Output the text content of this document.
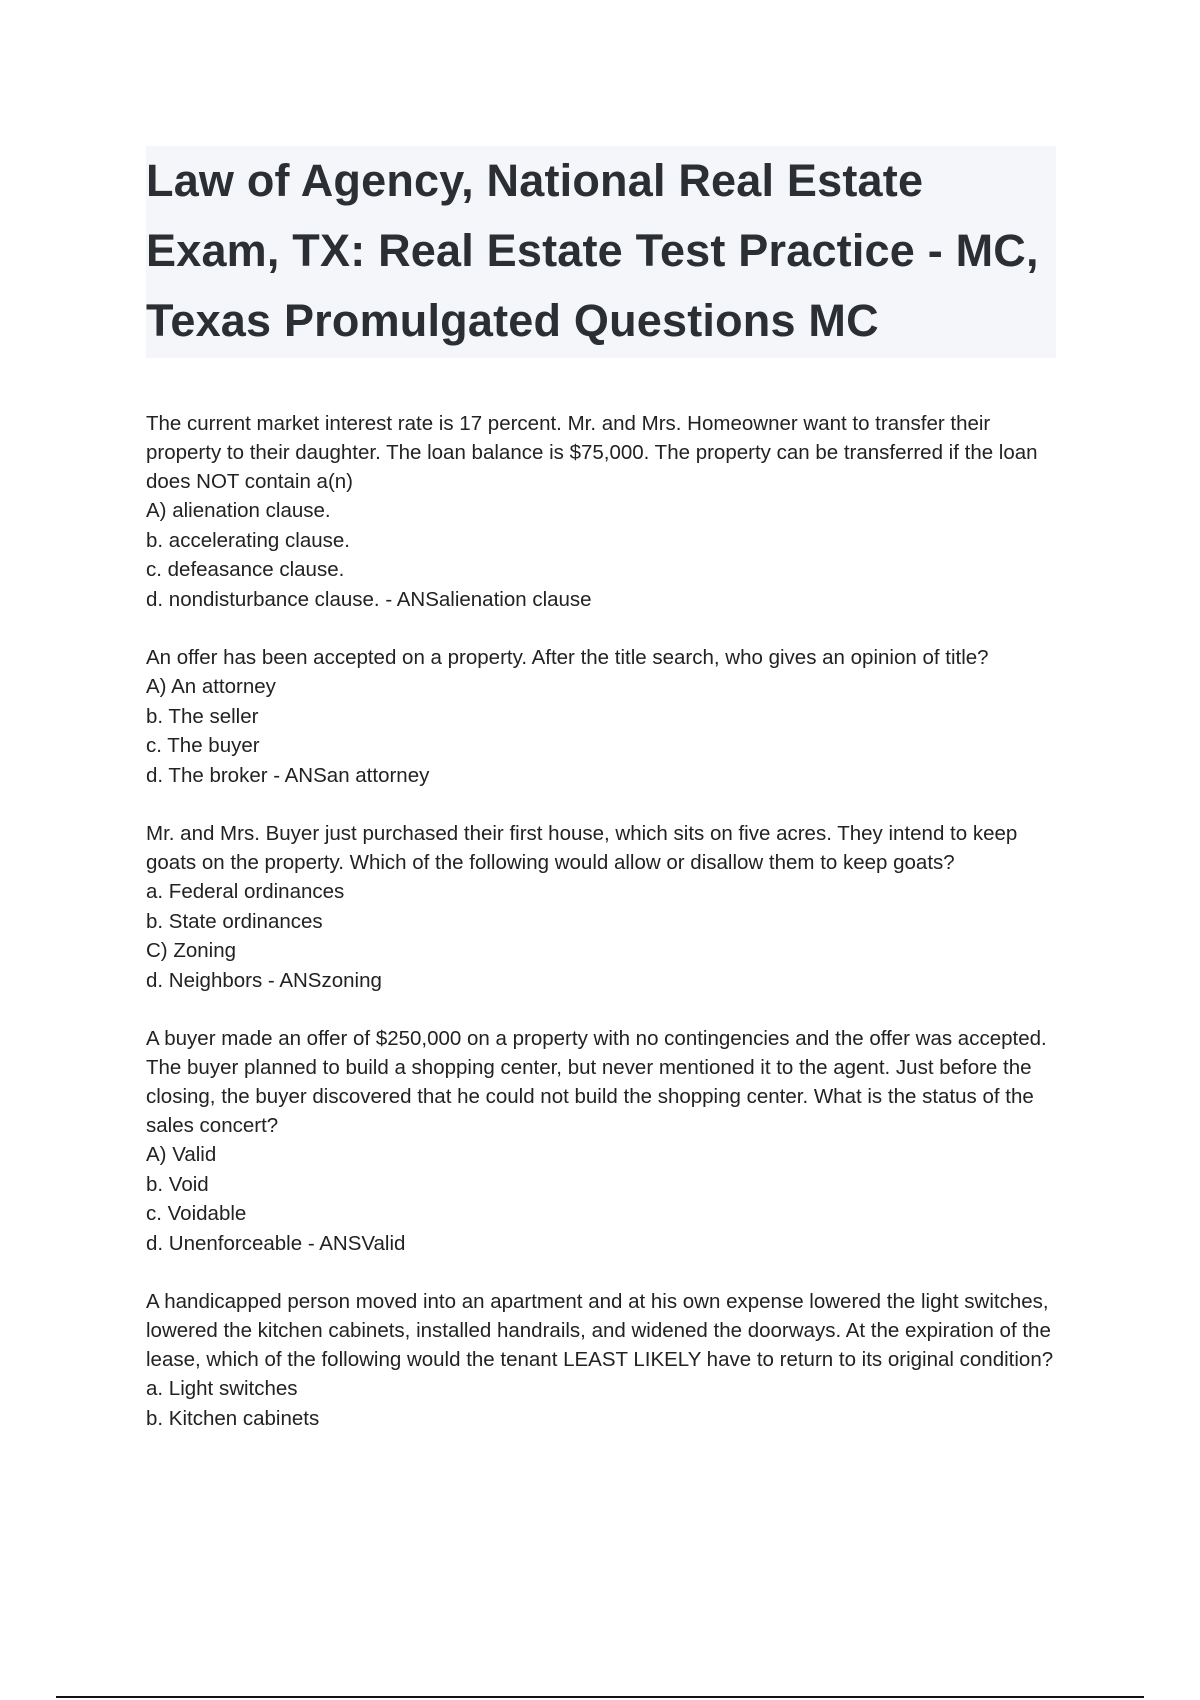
Law of Agency, National Real Estate Exam, TX: Real Estate Test Practice - MC, Texas Promulgated Questions MC

The current market interest rate is 17 percent. Mr. and Mrs. Homeowner want to transfer their property to their daughter. The loan balance is $75,000. The property can be transferred if the loan does NOT contain a(n)

A) alienation clause.

b. accelerating clause.

c. defeasance clause.

d. nondisturbance clause. - ANSalienation clause

An offer has been accepted on a property. After the title search, who gives an opinion of title?

A) An attorney

b. The seller

c. The buyer

d. The broker - ANSan attorney

Mr. and Mrs. Buyer just purchased their first house, which sits on five acres. They intend to keep goats on the property. Which of the following would allow or disallow them to keep goats?

a. Federal ordinances

b. State ordinances

C) Zoning

d. Neighbors - ANSzoning

A buyer made an offer of $250,000 on a property with no contingencies and the offer was accepted. The buyer planned to build a shopping center, but never mentioned it to the agent. Just before the closing, the buyer discovered that he could not build the shopping center. What is the status of the sales concert?

A) Valid

b. Void

c. Voidable

d. Unenforceable - ANSValid

A handicapped person moved into an apartment and at his own expense lowered the light switches, lowered the kitchen cabinets, installed handrails, and widened the doorways. At the expiration of the lease, which of the following would the tenant LEAST LIKELY have to return to its original condition?

a. Light switches

b. Kitchen cabinets
